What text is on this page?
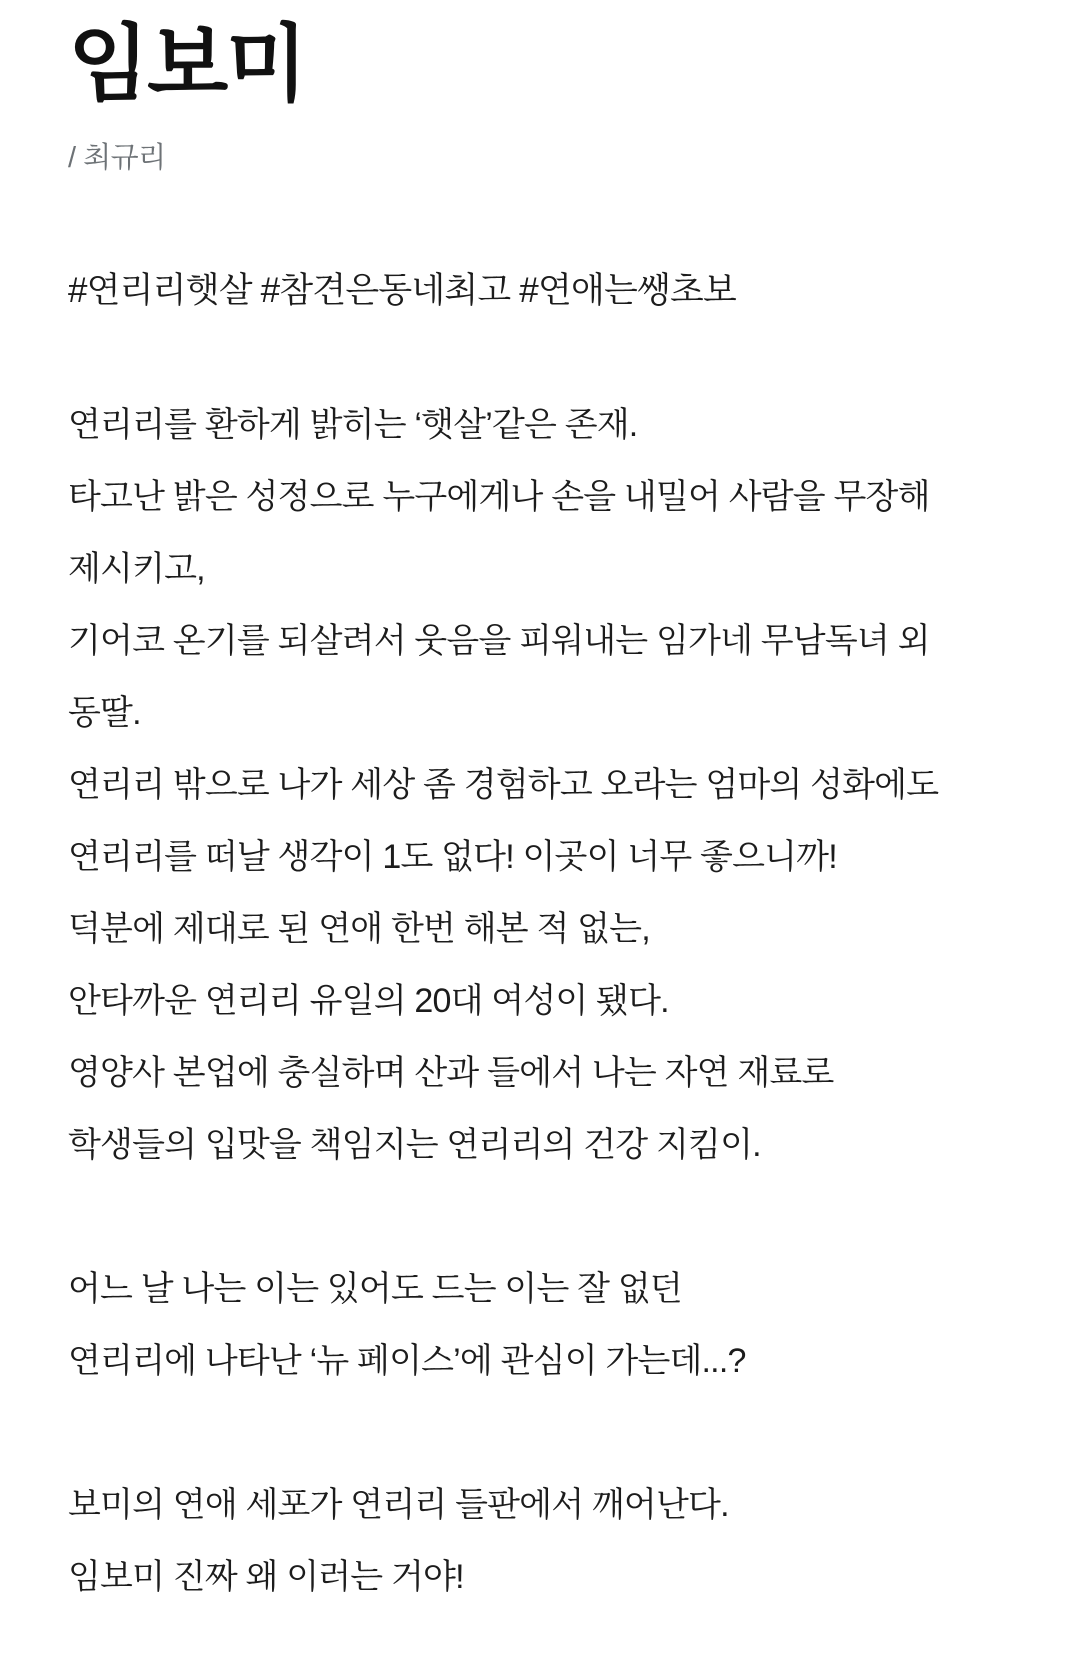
임보미
/ 최규리
#연리리햇살 #참견은동네최고 #연애는쌩초보
연리리를 환하게 밝히는 ‘햇살’같은 존재.
타고난 밝은 성정으로 누구에게나 손을 내밀어 사람을 무장해
제시키고,
기어코 온기를 되살려서 웃음을 피워내는 임가네 무남독녀 외
동딸.
연리리 밖으로 나가 세상 좀 경험하고 오라는 엄마의 성화에도
연리리를 떠날 생각이 1도 없다! 이곳이 너무 좋으니까!
덕분에 제대로 된 연애 한번 해본 적 없는,
안타까운 연리리 유일의 20대 여성이 됐다.
영양사 본업에 충실하며 산과 들에서 나는 자연 재료로
학생들의 입맛을 책임지는 연리리의 건강 지킴이.
어느 날 나는 이는 있어도 드는 이는 잘 없던
연리리에 나타난 ‘뉴 페이스’에 관심이 가는데...?
보미의 연애 세포가 연리리 들판에서 깨어난다.
임보미 진짜 왜 이러는 거야!
